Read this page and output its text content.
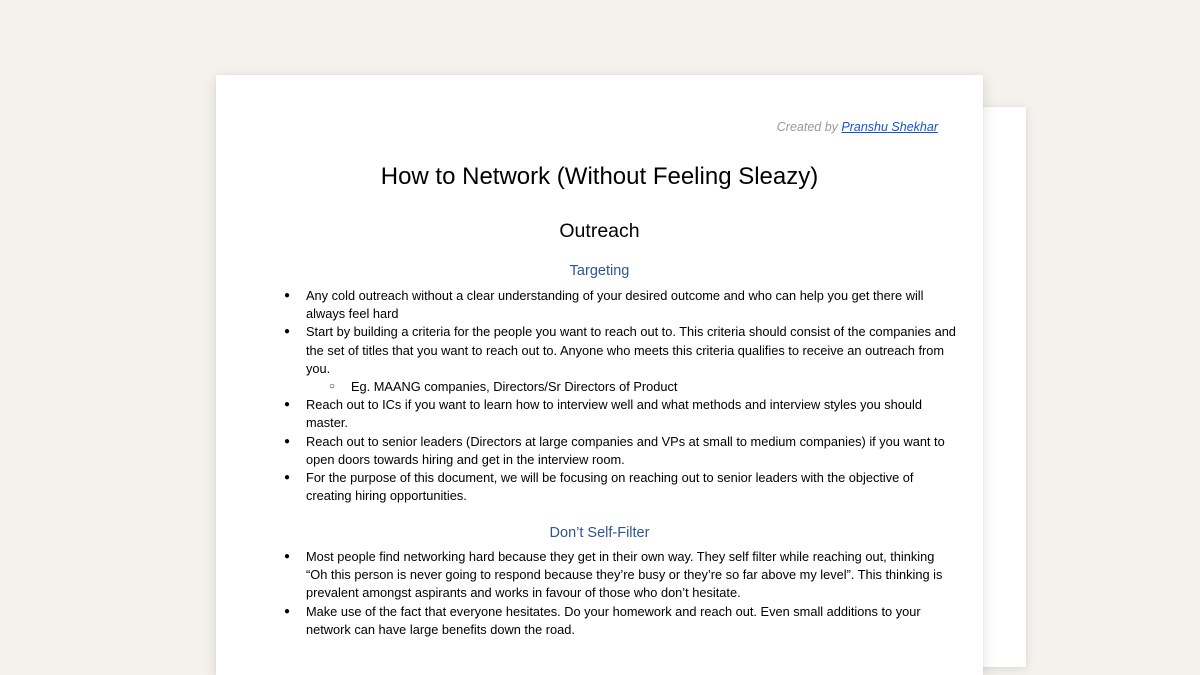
Created by Pranshu Shekhar
How to Network (Without Feeling Sleazy)
Outreach
Targeting
● Any cold outreach without a clear understanding of your desired outcome and who can help you get there will always feel hard
● Start by building a criteria for the people you want to reach out to. This criteria should consist of the companies and the set of titles that you want to reach out to. Anyone who meets this criteria qualifies to receive an outreach from you.
○ Eg. MAANG companies, Directors/Sr Directors of Product
● Reach out to ICs if you want to learn how to interview well and what methods and interview styles you should master.
● Reach out to senior leaders (Directors at large companies and VPs at small to medium companies) if you want to open doors towards hiring and get in the interview room.
● For the purpose of this document, we will be focusing on reaching out to senior leaders with the objective of creating hiring opportunities.
Don’t Self-Filter
● Most people find networking hard because they get in their own way. They self filter while reaching out, thinking “Oh this person is never going to respond because they’re busy or they’re so far above my level”. This thinking is prevalent amongst aspirants and works in favour of those who don’t hesitate.
● Make use of the fact that everyone hesitates. Do your homework and reach out. Even small additions to your network can have large benefits down the road.
